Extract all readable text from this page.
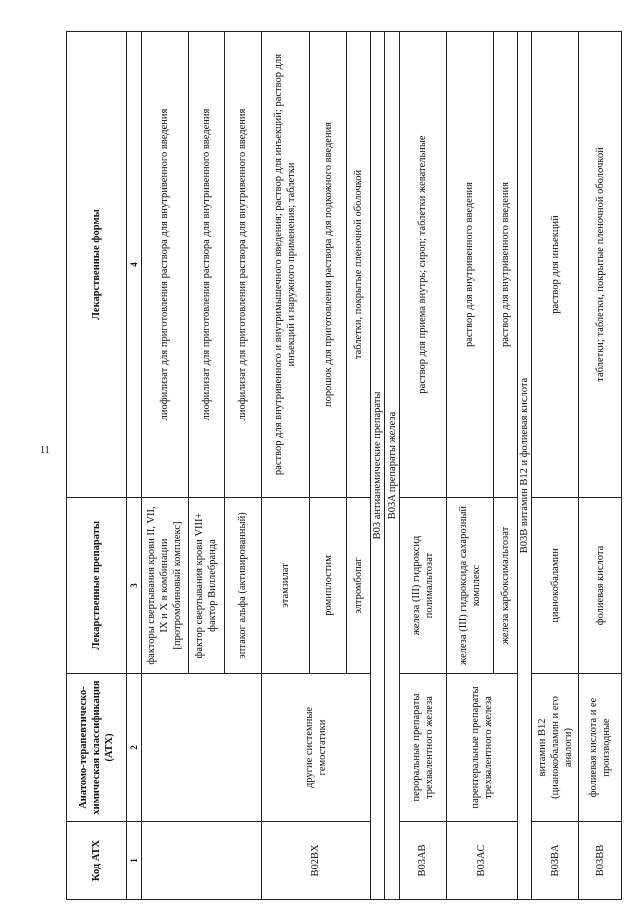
11
Код АТХ	Анатомо-терапевтическо-химическая классификация (АТХ)	Лекарственные препараты	Лекарственные формы
1	2	3	4
		факторы свертывания крови II, VII, IX и X в комбинации [протромбиновый комплекс]	лиофилизат для приготовления раствора для внутривенного введения
		фактор свертывания крови VIII+ фактор Виллебранда	лиофилизат для приготовления раствора для внутривенного введения
		эптаког альфа (активированный)	лиофилизат для приготовления раствора для внутривенного введения
B02BX	другие системные гемостатики	этамзилат	раствор для внутривенного и внутримышечного введения; раствор для инъекций; раствор для инъекций и наружного применения; таблетки
		ромиплостим	порошок для приготовления раствора для подкожного введения
		элтромбопаг	таблетки, покрытые пленочной оболочкой
B03 антианемические препараты			
B03A препараты железа			
B03AB	пероральные препараты трехвалентного железа	железа (III) гидроксид полимальтозат	раствор для приема внутрь; сироп; таблетки жевательные
B03AC	парентеральные препараты трехвалентного железа	железа (III) гидроксида сахарозный комплекс	раствор для внутривенного введения
		железа карбоксимальтозат	раствор для внутривенного введения
B03B витамин B12 и фолиевая кислота			
B03BA	витамин B12 (цианокобаламин и его аналоги)	цианокобаламин	раствор для инъекций
B03BB	фолиевая кислота и ее производные	фолиевая кислота	таблетки; таблетки, покрытые пленочной оболочкой
